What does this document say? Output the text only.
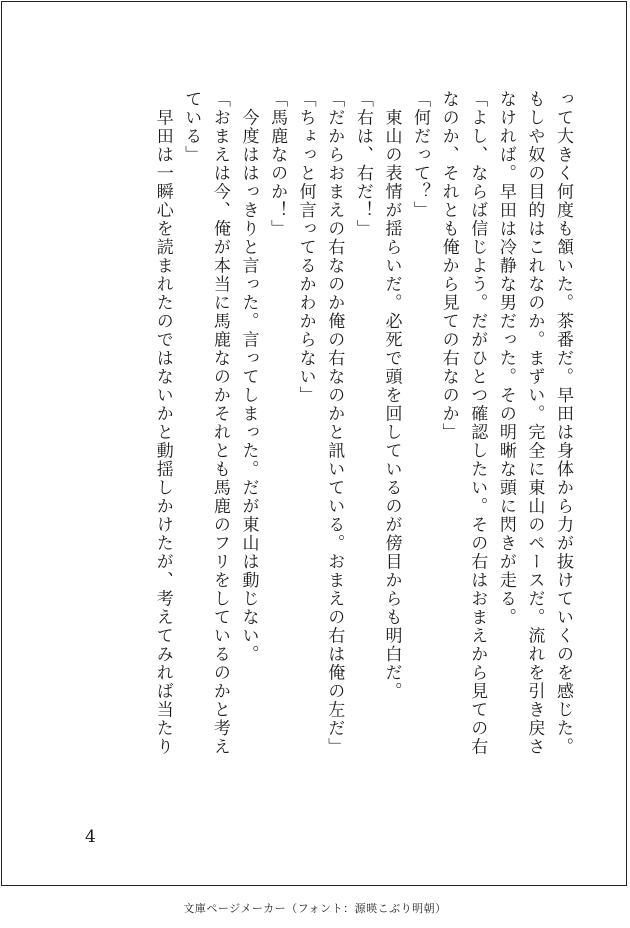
って大きく何度も頷いた。茶番だ。早田は身体から力が抜けていくのを感じた。

もしや奴の目的はこれなのか。まずい。完全に東山のペースだ。流れを引き戻さ

なければ。早田は冷静な男だった。その明晰な頭に閃きが走る。

「よし、ならば信じよう。だがひとつ確認したい。その右はおまえから見ての右

なのか、それとも俺から見ての右なのか」

「何だって？」

　東山の表情が揺らいだ。必死で頭を回しているのが傍目からも明白だ。

「右は、右だ！」

「だからおまえの右なのか俺の右なのかと訊いている。おまえの右は俺の左だ」

「ちょっと何言ってるかわからない」

「馬鹿なのか！」

　今度ははっきりと言った。言ってしまった。だが東山は動じない。

「おまえは今、俺が本当に馬鹿なのかそれとも馬鹿のフリをしているのかと考え

ている」

　早田は一瞬心を読まれたのではないかと動揺しかけたが、考えてみれば当たり

4
文庫ページメーカー（フォント：源暎こぶり明朝）
